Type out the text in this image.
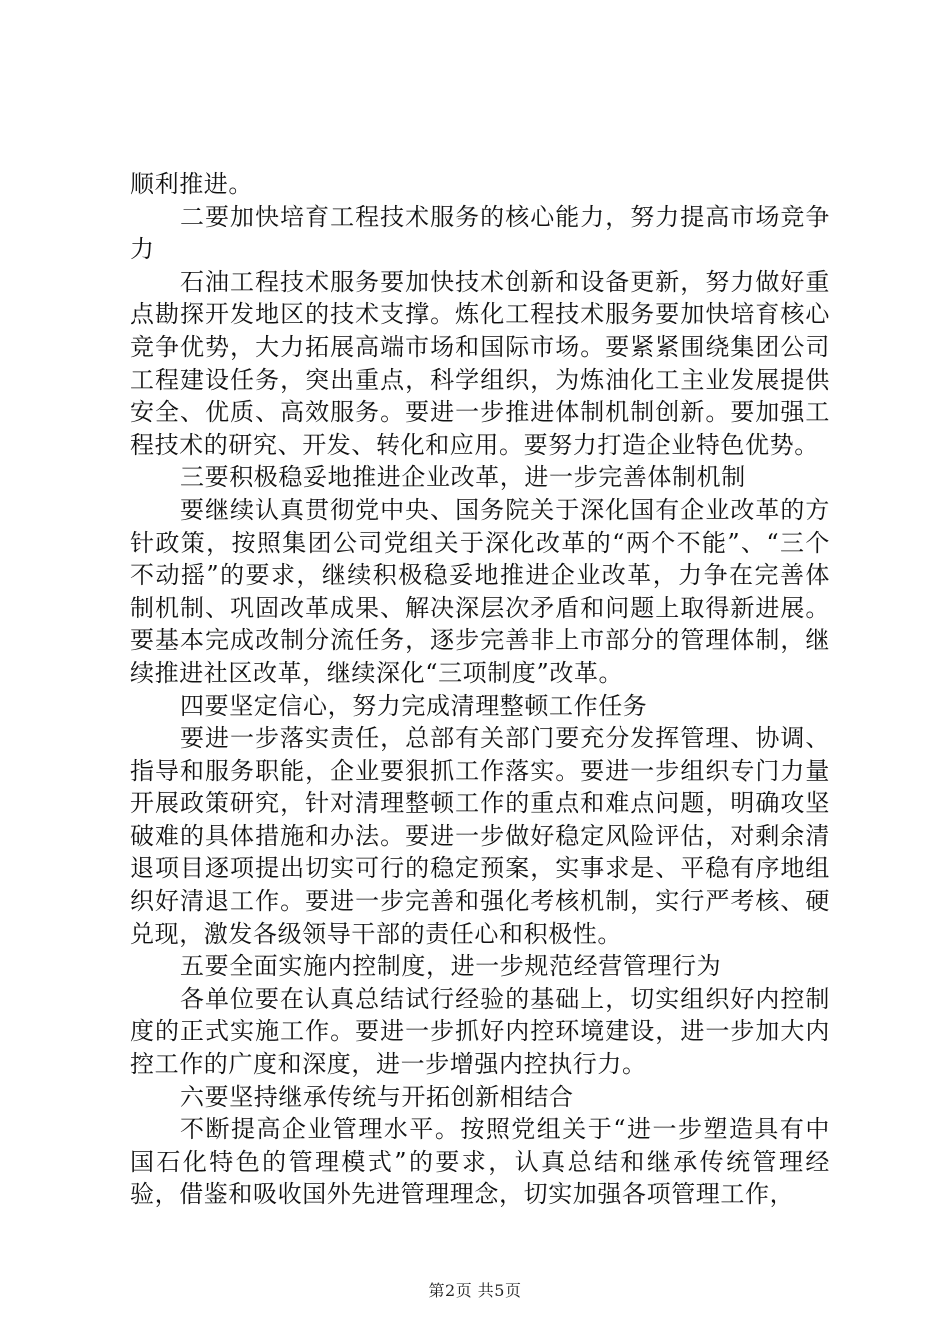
顺利推进。

二要加快培育工程技术服务的核心能力，努力提高市场竞争力

石油工程技术服务要加快技术创新和设备更新，努力做好重点勘探开发地区的技术支撑。炼化工程技术服务要加快培育核心竞争优势，大力拓展高端市场和国际市场。要紧紧围绕集团公司工程建设任务，突出重点，科学组织，为炼油化工主业发展提供安全、优质、高效服务。要进一步推进体制机制创新。要加强工程技术的研究、开发、转化和应用。要努力打造企业特色优势。

三要积极稳妥地推进企业改革，进一步完善体制机制

要继续认真贯彻党中央、国务院关于深化国有企业改革的方针政策，按照集团公司党组关于深化改革的“两个不能”、“三个不动摇”的要求，继续积极稳妥地推进企业改革，力争在完善体制机制、巩固改革成果、解决深层次矛盾和问题上取得新进展。要基本完成改制分流任务，逐步完善非上市部分的管理体制，继续推进社区改革，继续深化“三项制度”改革。

四要坚定信心，努力完成清理整顿工作任务

要进一步落实责任，总部有关部门要充分发挥管理、协调、指导和服务职能，企业要狠抓工作落实。要进一步组织专门力量开展政策研究，针对清理整顿工作的重点和难点问题，明确攻坚破难的具体措施和办法。要进一步做好稳定风险评估，对剩余清退项目逐项提出切实可行的稳定预案，实事求是、平稳有序地组织好清退工作。要进一步完善和强化考核机制，实行严考核、硬兑现，激发各级领导干部的责任心和积极性。

五要全面实施内控制度，进一步规范经营管理行为

各单位要在认真总结试行经验的基础上，切实组织好内控制度的正式实施工作。要进一步抓好内控环境建设，进一步加大内控工作的广度和深度，进一步增强内控执行力。

六要坚持继承传统与开拓创新相结合

不断提高企业管理水平。按照党组关于“进一步塑造具有中国石化特色的管理模式”的要求，认真总结和继承传统管理经验，借鉴和吸收国外先进管理理念，切实加强各项管理工作，

第2页 共5页
